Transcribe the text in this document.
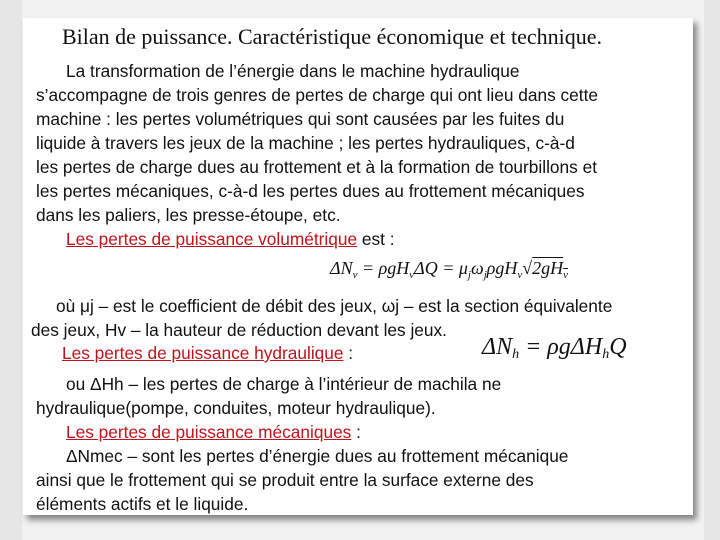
Bilan de puissance. Caractéristique économique et technique.
La transformation de l’énergie dans le machine hydraulique
s’accompagne de trois genres de pertes de charge qui ont lieu dans cette
machine : les pertes volumétriques qui sont causées par les fuites du
liquide à travers les jeux de la machine ; les pertes hydrauliques, c-à-d
les pertes de charge dues au frottement et à la formation de tourbillons et
les pertes mécaniques, c-à-d les pertes dues au frottement mécaniques
dans les paliers, les presse-étoupe, etc.
Les pertes de puissance volumétrique est :
$\Delta N_v = \rho gH_v\Delta Q = \mu_j\omega_j\rho gH_v√2gH_v$
où μj – est le coefficient de débit des jeux, ωj – est la section équivalente
des jeux, Hv – la hauteur de réduction devant les jeux.
Les pertes de puissance hydraulique :	$\Delta N_h = \rho g\Delta H_hQ$
ou ΔHh – les pertes de charge à l’intérieur de machila ne
hydraulique(pompe, conduites, moteur hydraulique).
Les pertes de puissance mécaniques :
ΔNmec – sont les pertes d’énergie dues au frottement mécanique
ainsi que le frottement qui se produit entre la surface externe des
éléments actifs et le liquide.
